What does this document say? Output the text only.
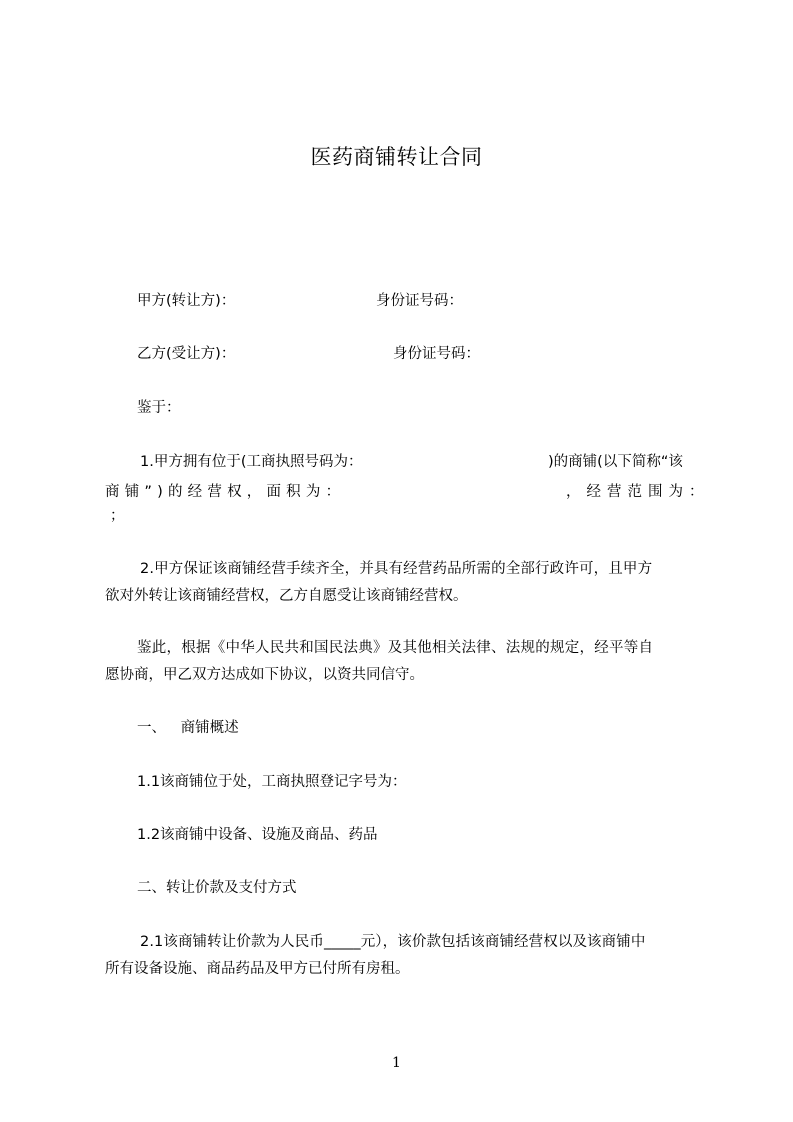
医药商铺转让合同
甲方(转让方)：	身份证号码：
乙方(受让方)：	身份证号码：
鉴于：
1.甲方拥有位于(工商执照号码为：	)的商铺(以下简称“该
商铺”)的经营权，面积为：	，经营范围为：
；
2.甲方保证该商铺经营手续齐全，并具有经营药品所需的全部行政许可，且甲方
欲对外转让该商铺经营权，乙方自愿受让该商铺经营权。
鉴此，根据《中华人民共和国民法典》及其他相关法律、法规的规定，经平等自
愿协商，甲乙双方达成如下协议，以资共同信守。
一、 商铺概述
1.1该商铺位于处，工商执照登记字号为：
1.2该商铺中设备、设施及商品、药品
二、转让价款及支付方式
2.1该商铺转让价款为人民币_____元），该价款包括该商铺经营权以及该商铺中
所有设备设施、商品药品及甲方已付所有房租。
1
